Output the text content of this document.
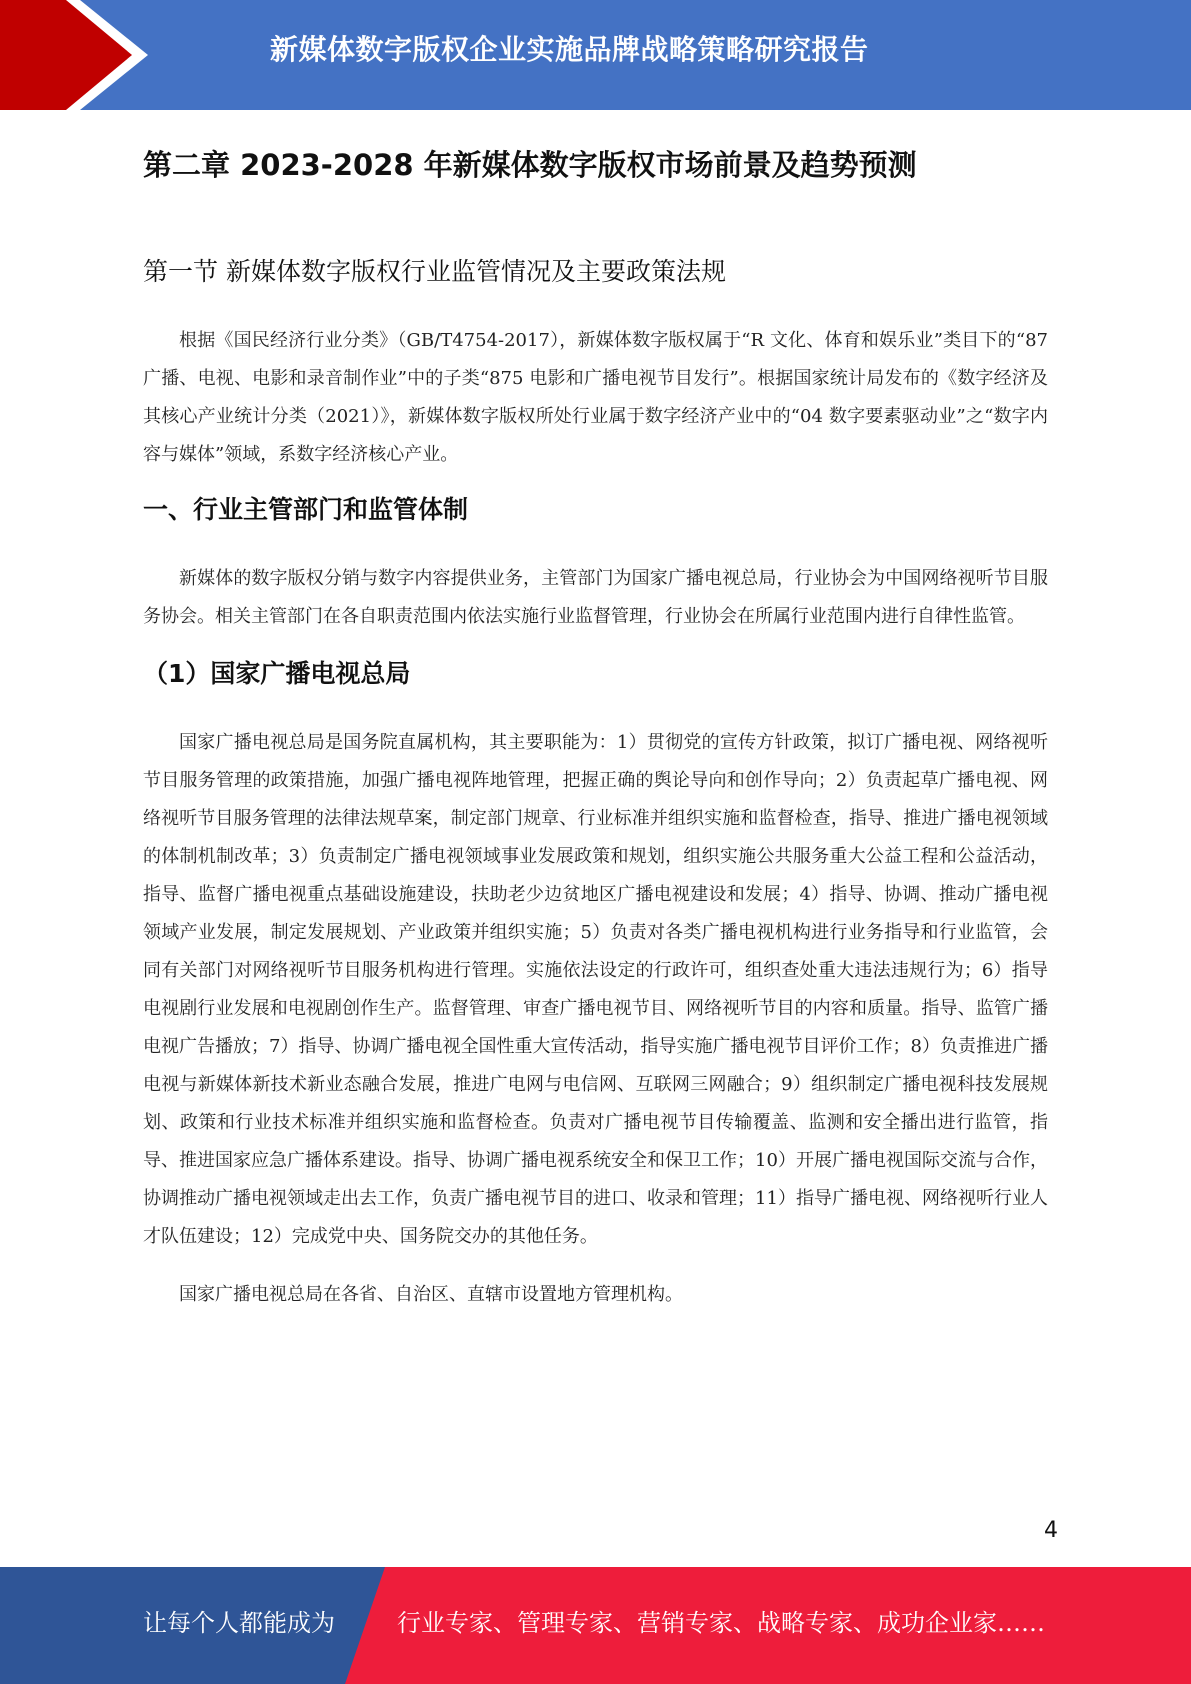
新媒体数字版权企业实施品牌战略策略研究报告
第二章 2023-2028 年新媒体数字版权市场前景及趋势预测
第一节 新媒体数字版权行业监管情况及主要政策法规

根据《国民经济行业分类》（GB/T4754-2017），新媒体数字版权属于“R 文化、体育和娱乐业”类目下的“87 广播、电视、电影和录音制作业”中的子类“875 电影和广播电视节目发行”。根据国家统计局发布的《数字经济及其核心产业统计分类（2021）》，新媒体数字版权所处行业属于数字经济产业中的“04 数字要素驱动业”之“数字内容与媒体”领域，系数字经济核心产业。

一、行业主管部门和监管体制

新媒体的数字版权分销与数字内容提供业务，主管部门为国家广播电视总局，行业协会为中国网络视听节目服务协会。相关主管部门在各自职责范围内依法实施行业监督管理，行业协会在所属行业范围内进行自律性监管。

（1）国家广播电视总局

国家广播电视总局是国务院直属机构，其主要职能为：1）贯彻党的宣传方针政策，拟订广播电视、网络视听节目服务管理的政策措施，加强广播电视阵地管理，把握正确的舆论导向和创作导向；2）负责起草广播电视、网络视听节目服务管理的法律法规草案，制定部门规章、行业标准并组织实施和监督检查，指导、推进广播电视领域的体制机制改革；3）负责制定广播电视领域事业发展政策和规划，组织实施公共服务重大公益工程和公益活动，指导、监督广播电视重点基础设施建设，扶助老少边贫地区广播电视建设和发展；4）指导、协调、推动广播电视领域产业发展，制定发展规划、产业政策并组织实施；5）负责对各类广播电视机构进行业务指导和行业监管，会同有关部门对网络视听节目服务机构进行管理。实施依法设定的行政许可，组织查处重大违法违规行为；6）指导电视剧行业发展和电视剧创作生产。监督管理、审查广播电视节目、网络视听节目的内容和质量。指导、监管广播电视广告播放；7）指导、协调广播电视全国性重大宣传活动，指导实施广播电视节目评价工作；8）负责推进广播电视与新媒体新技术新业态融合发展，推进广电网与电信网、互联网三网融合；9）组织制定广播电视科技发展规划、政策和行业技术标准并组织实施和监督检查。负责对广播电视节目传输覆盖、监测和安全播出进行监管，指导、推进国家应急广播体系建设。指导、协调广播电视系统安全和保卫工作；10）开展广播电视国际交流与合作，协调推动广播电视领域走出去工作，负责广播电视节目的进口、收录和管理；11）指导广播电视、网络视听行业人才队伍建设；12）完成党中央、国务院交办的其他任务。

国家广播电视总局在各省、自治区、直辖市设置地方管理机构。

4
让每个人都能成为	行业专家、管理专家、营销专家、战略专家、成功企业家……
